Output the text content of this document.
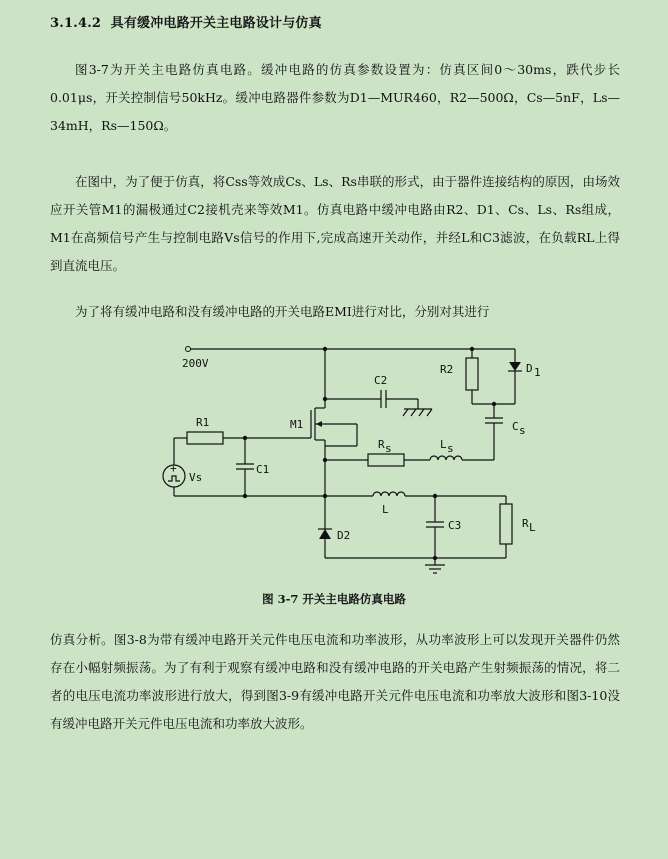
3.1.4.2 具有缓冲电路开关主电路设计与仿真

图3-7为开关主电路仿真电路。缓冲电路的仿真参数设置为：仿真区间0～30ms，跌代步长0.01μs，开关控制信号50kHz。缓冲电路器件参数为D1—MUR460，R2—500Ω，Cs—5nF，Ls—34mH，Rs—150Ω。

在图中，为了便于仿真，将Css等效成Cs、Ls、Rs串联的形式，由于器件连接结构的原因，由场效应开关管M1的漏极通过C2接机壳来等效M1。仿真电路中缓冲电路由R2、D1、Cs、Ls、Rs组成，M1在高频信号产生与控制电路Vs信号的作用下,完成高速开关动作，并经L和C3滤波，在负载RL上得到直流电压。

为了将有缓冲电路和没有缓冲电路的开关电路EMI进行对比，分别对其进行

200V	R2	D 1
C s
L s
R s
C2
M1
R1
+
Vs
C1
L
D2
C3	R L
图 3-7 开关主电路仿真电路

仿真分析。图3-8为带有缓冲电路开关元件电压电流和功率波形，从功率波形上可以发现开关器件仍然存在小幅射频振荡。为了有利于观察有缓冲电路和没有缓冲电路的开关电路产生射频振荡的情况，将二者的电压电流功率波形进行放大，得到图3-9有缓冲电路开关元件电压电流和功率放大波形和图3-10没有缓冲电路开关元件电压电流和功率放大波形。
